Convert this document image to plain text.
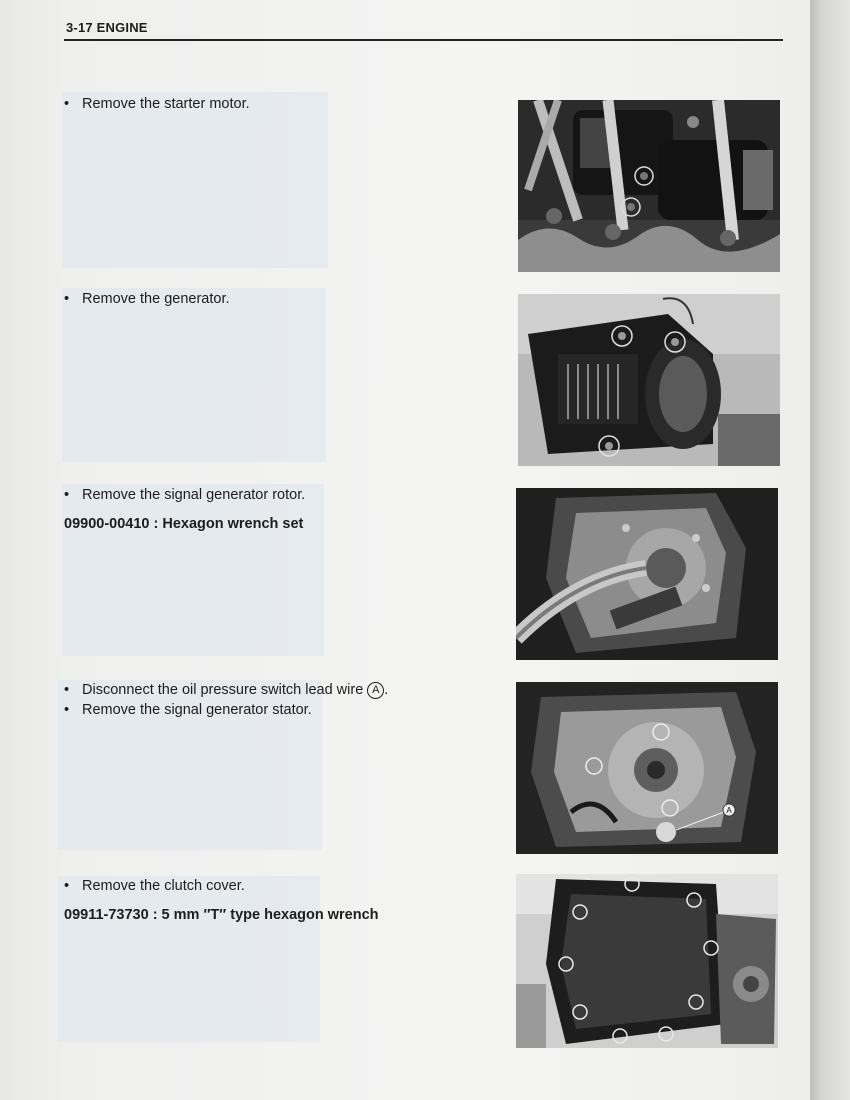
3-17 ENGINE
• Remove the starter motor.
• Remove the generator.
• Remove the signal generator rotor.
09900-00410 : Hexagon wrench set
• Disconnect the oil pressure switch lead wire A .
• Remove the signal generator stator.
• Remove the clutch cover.
09911-73730 : 5 mm ″T″ type hexagon wrench
A
